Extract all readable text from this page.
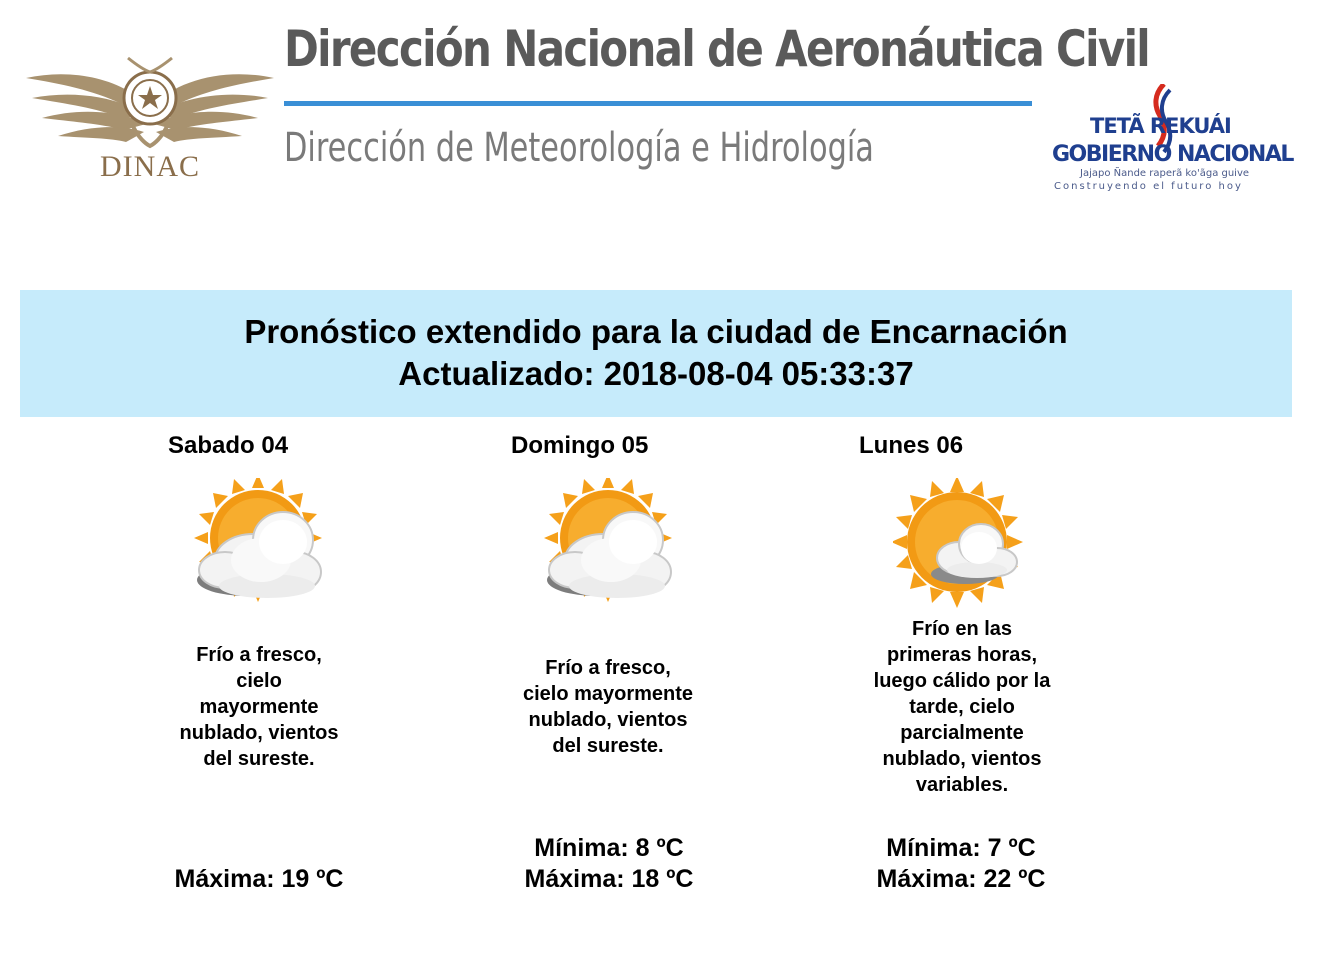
DINAC
Dirección Nacional de Aeronáutica Civil
Dirección de Meteorología e Hidrología	TETÃ REKUÁI
GOBIERNO NACIONAL
Jajapo Ñande raperã ko'ãga guive
Construyendo el futuro hoy
Pronóstico extendido para la ciudad de Encarnación
Actualizado: 2018-08-04 05:33:37
Sabado 04
Frío a fresco,
cielo
mayormente
nublado, vientos
del sureste.
Máxima: 19 ºC
Domingo 05
Frío a fresco,
cielo mayormente
nublado, vientos
del sureste.
Mínima: 8 ºC
Máxima: 18 ºC
Lunes 06
Frío en las
primeras horas,
luego cálido por la
tarde, cielo
parcialmente
nublado, vientos
variables.
Mínima: 7 ºC
Máxima: 22 ºC
